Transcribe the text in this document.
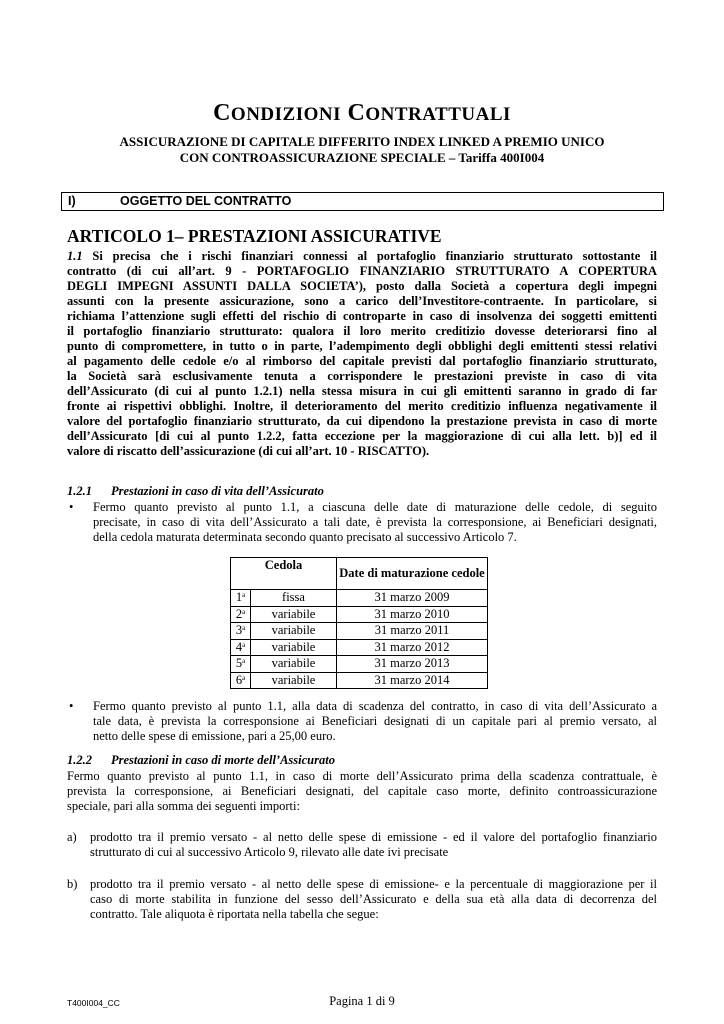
CONDIZIONI CONTRATTUALI
ASSICURAZIONE DI CAPITALE DIFFERITO INDEX LINKED A PREMIO UNICO
CON CONTROASSICURAZIONE SPECIALE – Tariffa 400I004
I)	OGGETTO DEL CONTRATTO
ARTICOLO 1– PRESTAZIONI ASSICURATIVE
1.1 Si precisa che i rischi finanziari connessi al portafoglio finanziario strutturato sottostante il
contratto (di cui all’art. 9 - PORTAFOGLIO FINANZIARIO STRUTTURATO A COPERTURA
DEGLI IMPEGNI ASSUNTI DALLA SOCIETA’), posto dalla Società a copertura degli impegni
assunti con la presente assicurazione, sono a carico dell’Investitore-contraente. In particolare, si
richiama l’attenzione sugli effetti del rischio di controparte in caso di insolvenza dei soggetti emittenti
il portafoglio finanziario strutturato: qualora il loro merito creditizio dovesse deteriorarsi fino al
punto di compromettere, in tutto o in parte, l’adempimento degli obblighi degli emittenti stessi relativi
al pagamento delle cedole e/o al rimborso del capitale previsti dal portafoglio finanziario strutturato,
la Società sarà esclusivamente tenuta a corrispondere le prestazioni previste in caso di vita
dell’Assicurato (di cui al punto 1.2.1) nella stessa misura in cui gli emittenti saranno in grado di far
fronte ai rispettivi obblighi. Inoltre, il deterioramento del merito creditizio influenza negativamente il
valore del portafoglio finanziario strutturato, da cui dipendono la prestazione prevista in caso di morte
dell’Assicurato [di cui al punto 1.2.2, fatta eccezione per la maggiorazione di cui alla lett. b)] ed il
valore di riscatto dell’assicurazione (di cui all’art. 10 - RISCATTO).
1.2.1 Prestazioni in caso di vita dell’Assicurato
• Fermo quanto previsto al punto 1.1, a ciascuna delle date di maturazione delle cedole, di seguito
precisate, in caso di vita dell’Assicurato a tali date, è prevista la corresponsione, ai Beneficiari designati,
della cedola maturata determinata secondo quanto precisato al successivo Articolo 7.
Cedola		Date di maturazione cedole
1$^a$	fissa	31 marzo 2009
2$^a$	variabile	31 marzo 2010
3$^a$	variabile	31 marzo 2011
4$^a$	variabile	31 marzo 2012
5$^a$	variabile	31 marzo 2013
6$^a$	variabile	31 marzo 2014
• Fermo quanto previsto al punto 1.1, alla data di scadenza del contratto, in caso di vita dell’Assicurato a
tale data, è prevista la corresponsione ai Beneficiari designati di un capitale pari al premio versato, al
netto delle spese di emissione, pari a 25,00 euro.
1.2.2 Prestazioni in caso di morte dell’Assicurato
Fermo quanto previsto al punto 1.1, in caso di morte dell’Assicurato prima della scadenza contrattuale, è
prevista la corresponsione, ai Beneficiari designati, del capitale caso morte, definito controassicurazione
speciale, pari alla somma dei seguenti importi:
a) prodotto tra il premio versato - al netto delle spese di emissione - ed il valore del portafoglio finanziario
strutturato di cui al successivo Articolo 9, rilevato alle date ivi precisate
b) prodotto tra il premio versato - al netto delle spese di emissione- e la percentuale di maggiorazione per il
caso di morte stabilita in funzione del sesso dell’Assicurato e della sua età alla data di decorrenza del
contratto. Tale aliquota è riportata nella tabella che segue:
T400I004_CC	Pagina 1 di 9
